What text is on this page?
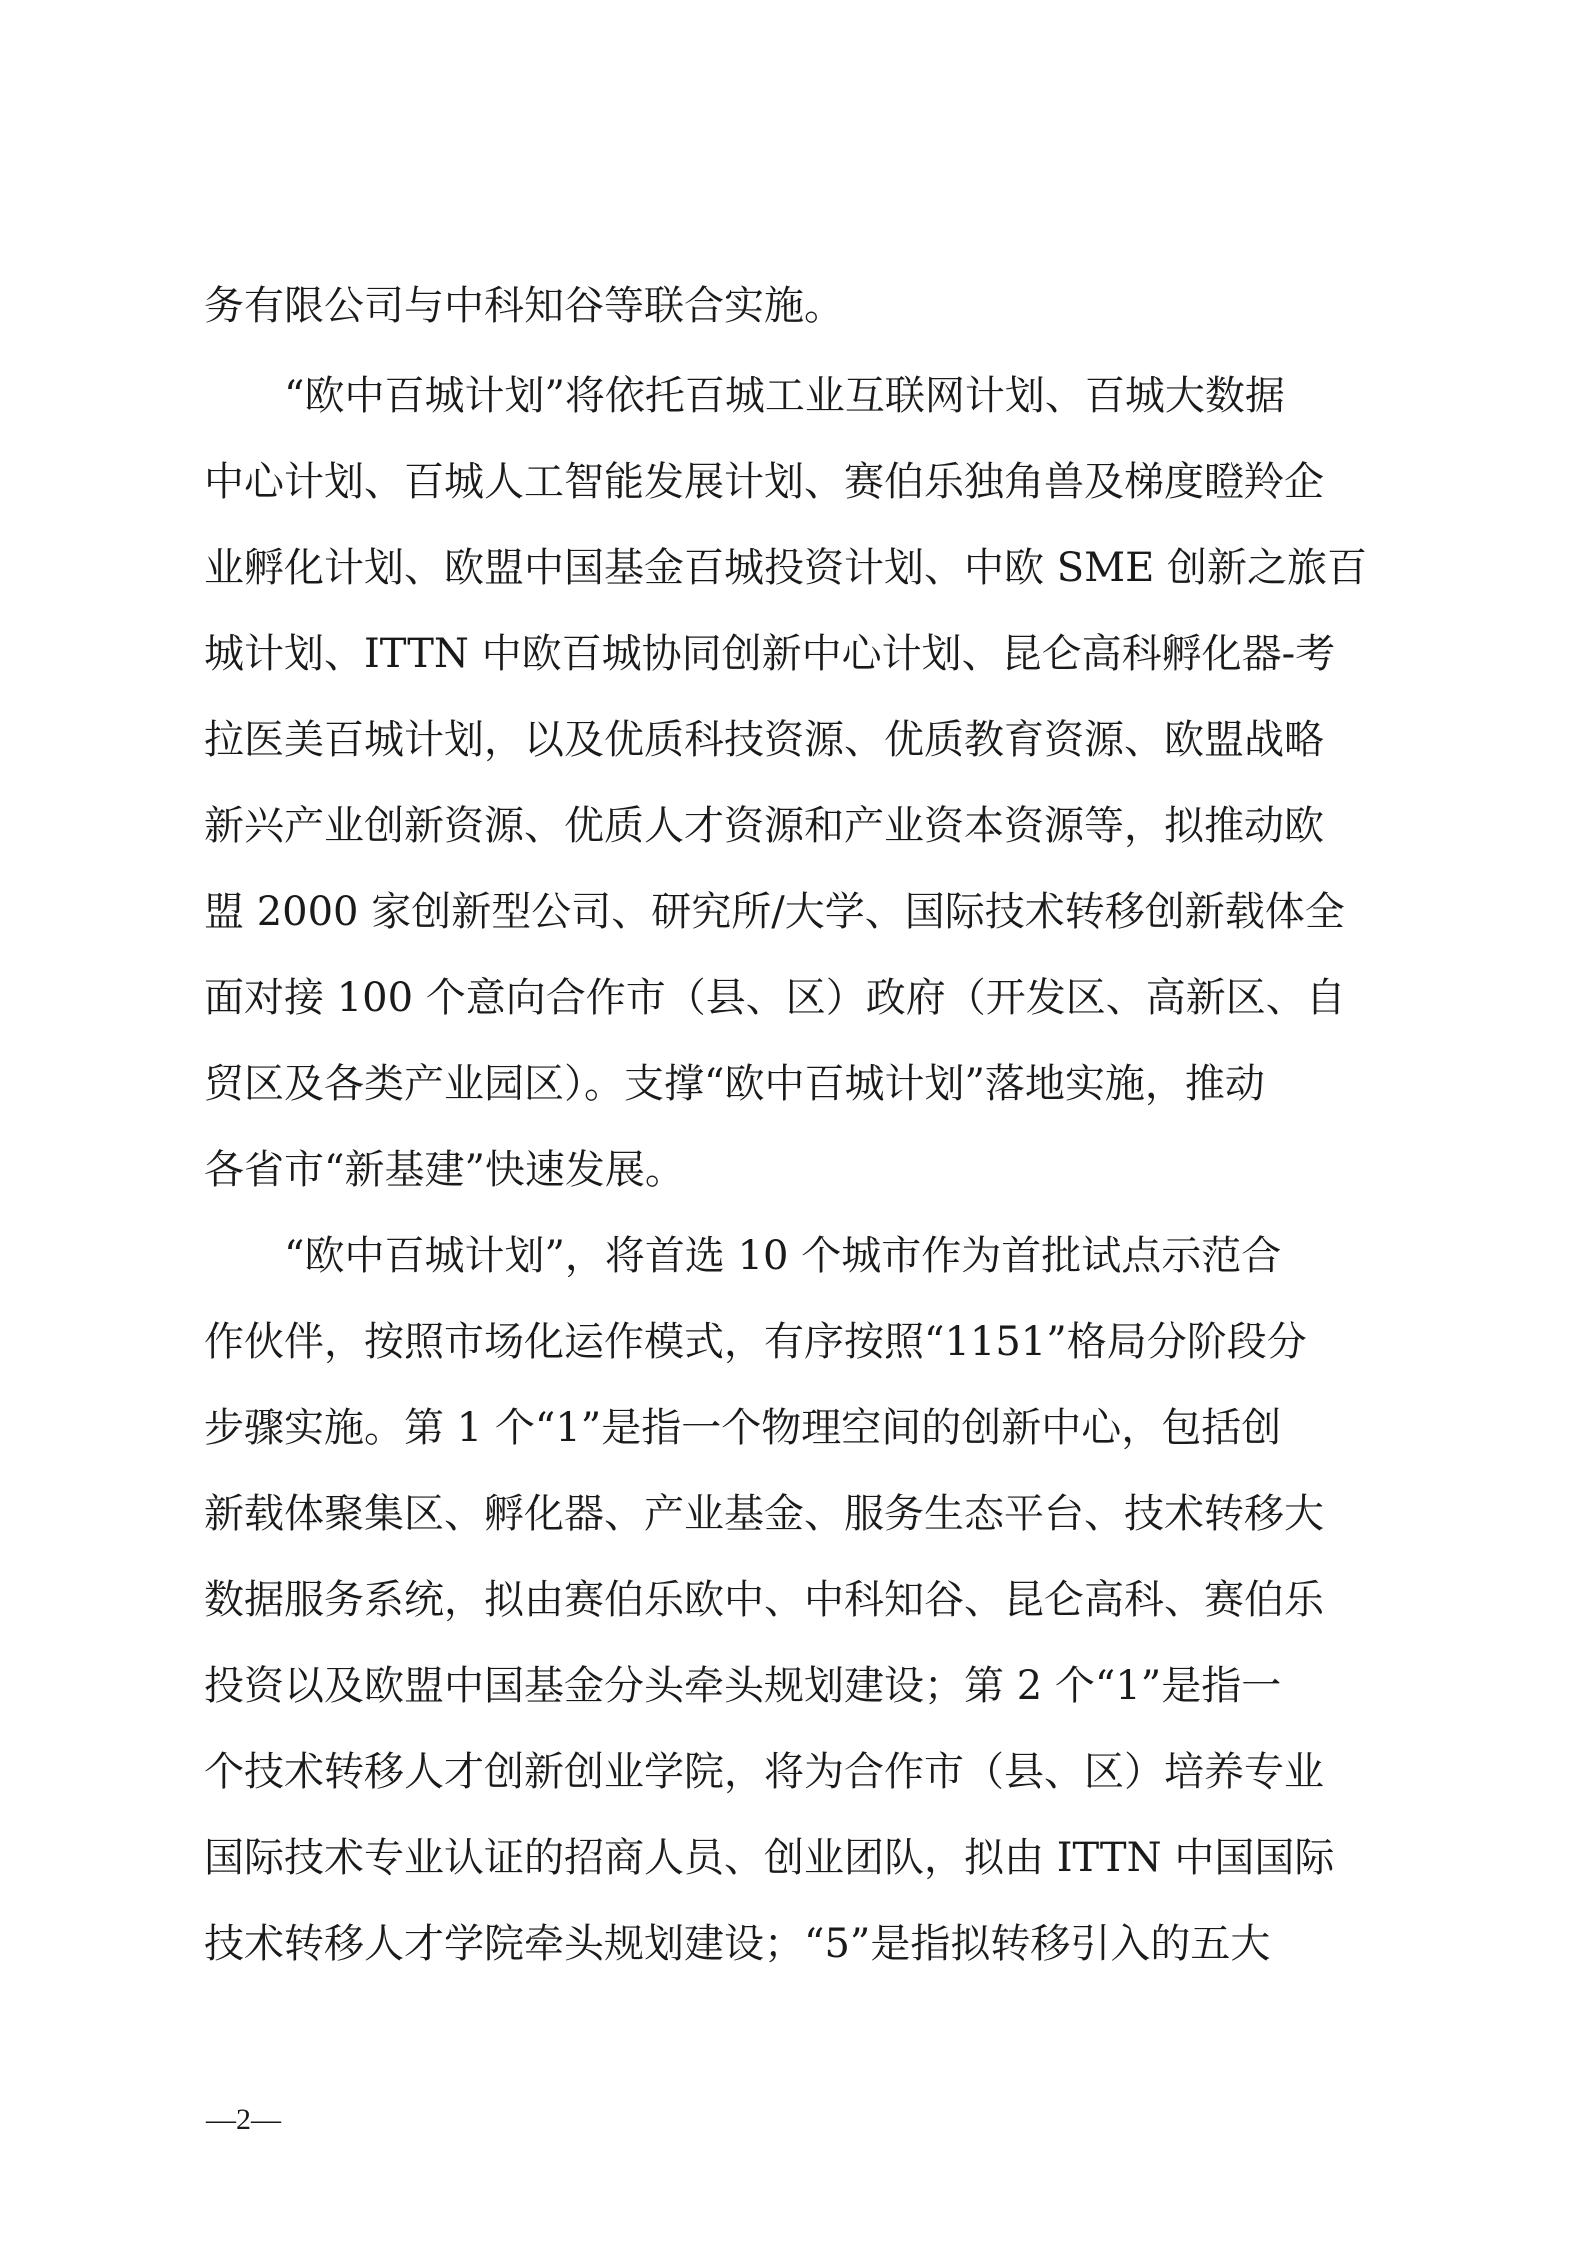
务有限公司与中科知谷等联合实施。

　　“欧中百城计划”将依托百城工业互联网计划、百城大数据

中心计划、百城人工智能发展计划、赛伯乐独角兽及梯度瞪羚企

业孵化计划、欧盟中国基金百城投资计划、中欧 SME 创新之旅百

城计划、ITTN 中欧百城协同创新中心计划、昆仑高科孵化器-考

拉医美百城计划，以及优质科技资源、优质教育资源、欧盟战略

新兴产业创新资源、优质人才资源和产业资本资源等，拟推动欧

盟 2000 家创新型公司、研究所/大学、国际技术转移创新载体全

面对接 100 个意向合作市（县、区）政府（开发区、高新区、自

贸区及各类产业园区）。支撑“欧中百城计划”落地实施，推动

各省市“新基建”快速发展。

　　“欧中百城计划”，将首选 10 个城市作为首批试点示范合

作伙伴，按照市场化运作模式，有序按照“1151”格局分阶段分

步骤实施。第 1 个“1”是指一个物理空间的创新中心，包括创

新载体聚集区、孵化器、产业基金、服务生态平台、技术转移大

数据服务系统，拟由赛伯乐欧中、中科知谷、昆仑高科、赛伯乐

投资以及欧盟中国基金分头牵头规划建设；第 2 个“1”是指一

个技术转移人才创新创业学院，将为合作市（县、区）培养专业

国际技术专业认证的招商人员、创业团队，拟由 ITTN 中国国际

技术转移人才学院牵头规划建设；“5”是指拟转移引入的五大

—2—
